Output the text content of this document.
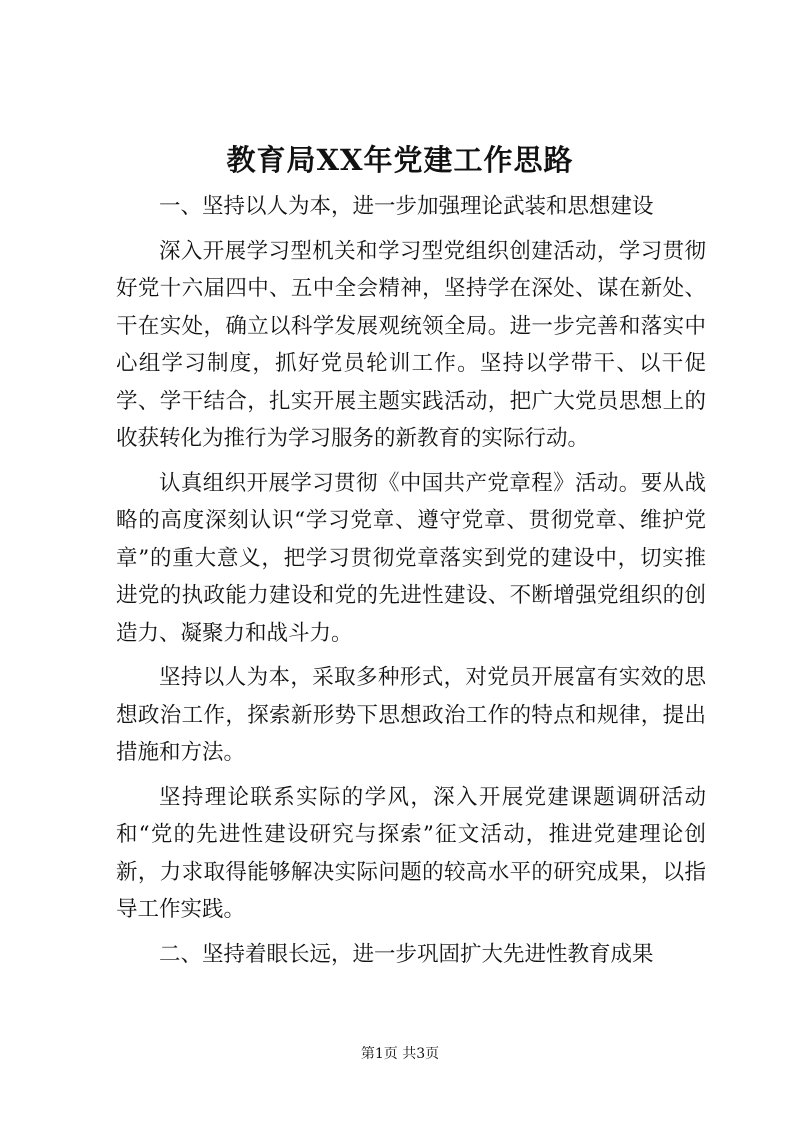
教育局XX年党建工作思路

一、坚持以人为本，进一步加强理论武装和思想建设

深入开展学习型机关和学习型党组织创建活动，学习贯彻好党十六届四中、五中全会精神，坚持学在深处、谋在新处、干在实处，确立以科学发展观统领全局。进一步完善和落实中心组学习制度，抓好党员轮训工作。坚持以学带干、以干促学、学干结合，扎实开展主题实践活动，把广大党员思想上的收获转化为推行为学习服务的新教育的实际行动。

认真组织开展学习贯彻《中国共产党章程》活动。要从战略的高度深刻认识“学习党章、遵守党章、贯彻党章、维护党章”的重大意义，把学习贯彻党章落实到党的建设中，切实推进党的执政能力建设和党的先进性建设、不断增强党组织的创造力、凝聚力和战斗力。

坚持以人为本，采取多种形式，对党员开展富有实效的思想政治工作，探索新形势下思想政治工作的特点和规律，提出措施和方法。

坚持理论联系实际的学风，深入开展党建课题调研活动和“党的先进性建设研究与探索”征文活动，推进党建理论创新，力求取得能够解决实际问题的较高水平的研究成果，以指导工作实践。

二、坚持着眼长远，进一步巩固扩大先进性教育成果

第1页 共3页
